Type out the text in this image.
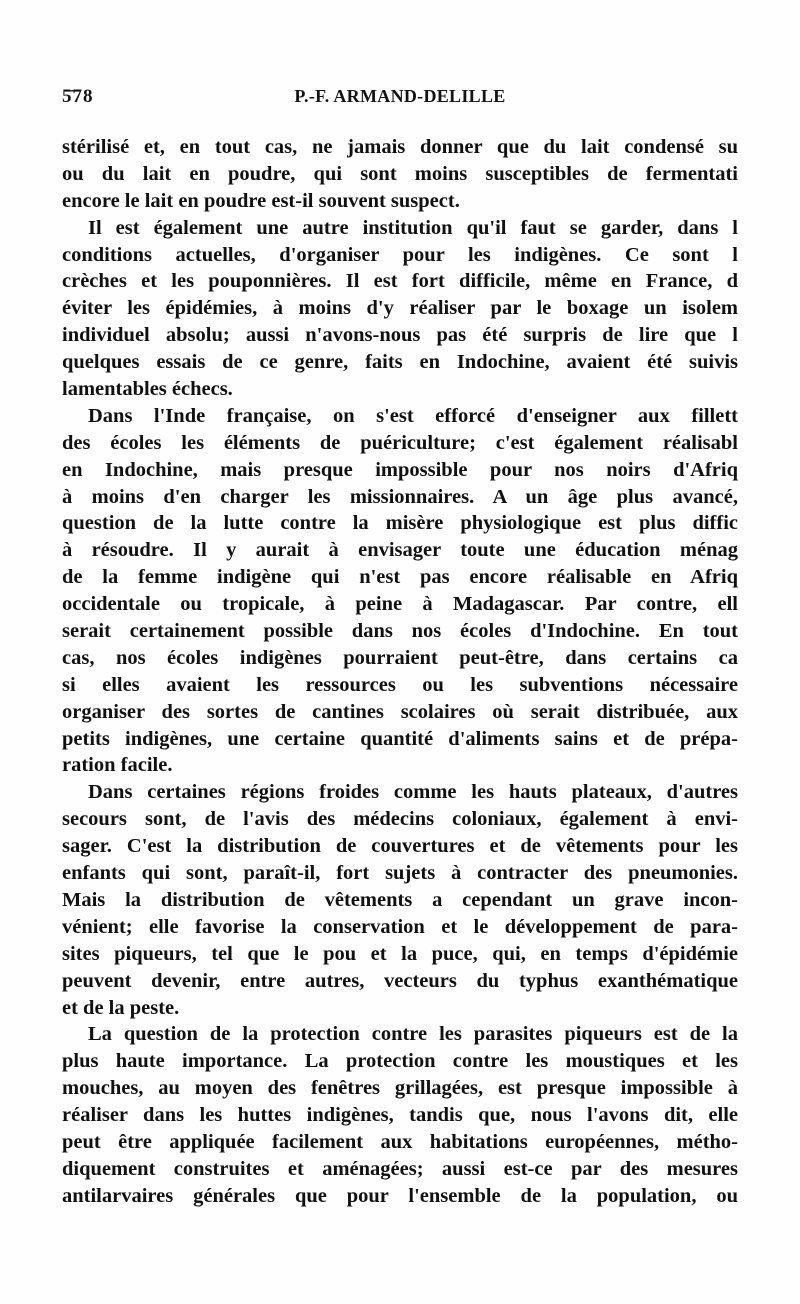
5̄78	P.-F. ARMAND-DELILLE
stérilisé et, en tout cas, ne jamais donner que du lait condensé su
ou du lait en poudre, qui sont moins susceptibles de fermentati
encore le lait en poudre est-il souvent suspect.
Il est également une autre institution qu'il faut se garder, dans l
conditions actuelles, d'organiser pour les indigènes. Ce sont l
crèches et les pouponnières. Il est fort difficile, même en France, d
éviter les épidémies, à moins d'y réaliser par le boxage un isolem
individuel absolu; aussi n'avons-nous pas été surpris de lire que l
quelques essais de ce genre, faits en Indochine, avaient été suivis
lamentables échecs.
Dans l'Inde française, on s'est efforcé d'enseigner aux fillett
des écoles les éléments de puériculture; c'est également réalisabl
en Indochine, mais presque impossible pour nos noirs d'Afriq
à moins d'en charger les missionnaires. A un âge plus avancé,
question de la lutte contre la misère physiologique est plus diffic
à résoudre. Il y aurait à envisager toute une éducation ménag
de la femme indigène qui n'est pas encore réalisable en Afriq
occidentale ou tropicale, à peine à Madagascar. Par contre, ell
serait certainement possible dans nos écoles d'Indochine. En tout
cas, nos écoles indigènes pourraient peut-être, dans certains ca
si elles avaient les ressources ou les subventions nécessaire
organiser des sortes de cantines scolaires où serait distribuée, aux
petits indigènes, une certaine quantité d'aliments sains et de prépa-
ration facile.
Dans certaines régions froides comme les hauts plateaux, d'autres
secours sont, de l'avis des médecins coloniaux, également à envi-
sager. C'est la distribution de couvertures et de vêtements pour les
enfants qui sont, paraît-il, fort sujets à contracter des pneumonies.
Mais la distribution de vêtements a cependant un grave incon-
vénient; elle favorise la conservation et le développement de para-
sites piqueurs, tel que le pou et la puce, qui, en temps d'épidémie
peuvent devenir, entre autres, vecteurs du typhus exanthématique
et de la peste.
La question de la protection contre les parasites piqueurs est de la
plus haute importance. La protection contre les moustiques et les
mouches, au moyen des fenêtres grillagées, est presque impossible à
réaliser dans les huttes indigènes, tandis que, nous l'avons dit, elle
peut être appliquée facilement aux habitations européennes, métho-
diquement construites et aménagées; aussi est-ce par des mesures
antilarvaires générales que pour l'ensemble de la population, ou
